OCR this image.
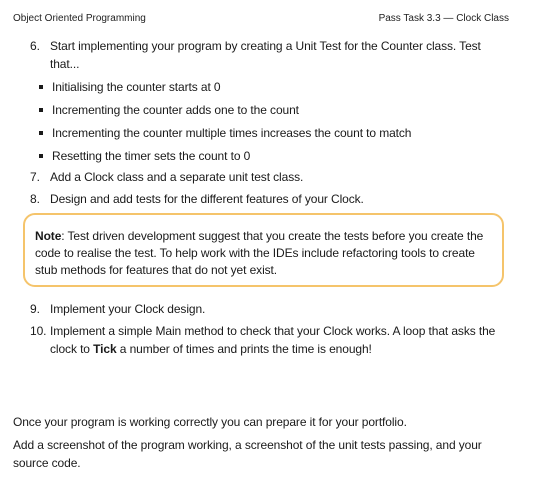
Object Oriented Programming	Pass Task 3.3 — Clock Class
6. Start implementing your program by creating a Unit Test for the Counter class. Test
that...
Initialising the counter starts at 0
Incrementing the counter adds one to the count
Incrementing the counter multiple times increases the count to match
Resetting the timer sets the count to 0
7. Add a Clock class and a separate unit test class.
8. Design and add tests for the different features of your Clock.
Note: Test driven development suggest that you create the tests before you create the
code to realise the test. To help work with the IDEs include refactoring tools to create
stub methods for features that do not yet exist.
9. Implement your Clock design.
10. Implement a simple Main method to check that your Clock works. A loop that asks the
clock to Tick a number of times and prints the time is enough!
Once your program is working correctly you can prepare it for your portfolio.
Add a screenshot of the program working, a screenshot of the unit tests passing, and your
source code.
